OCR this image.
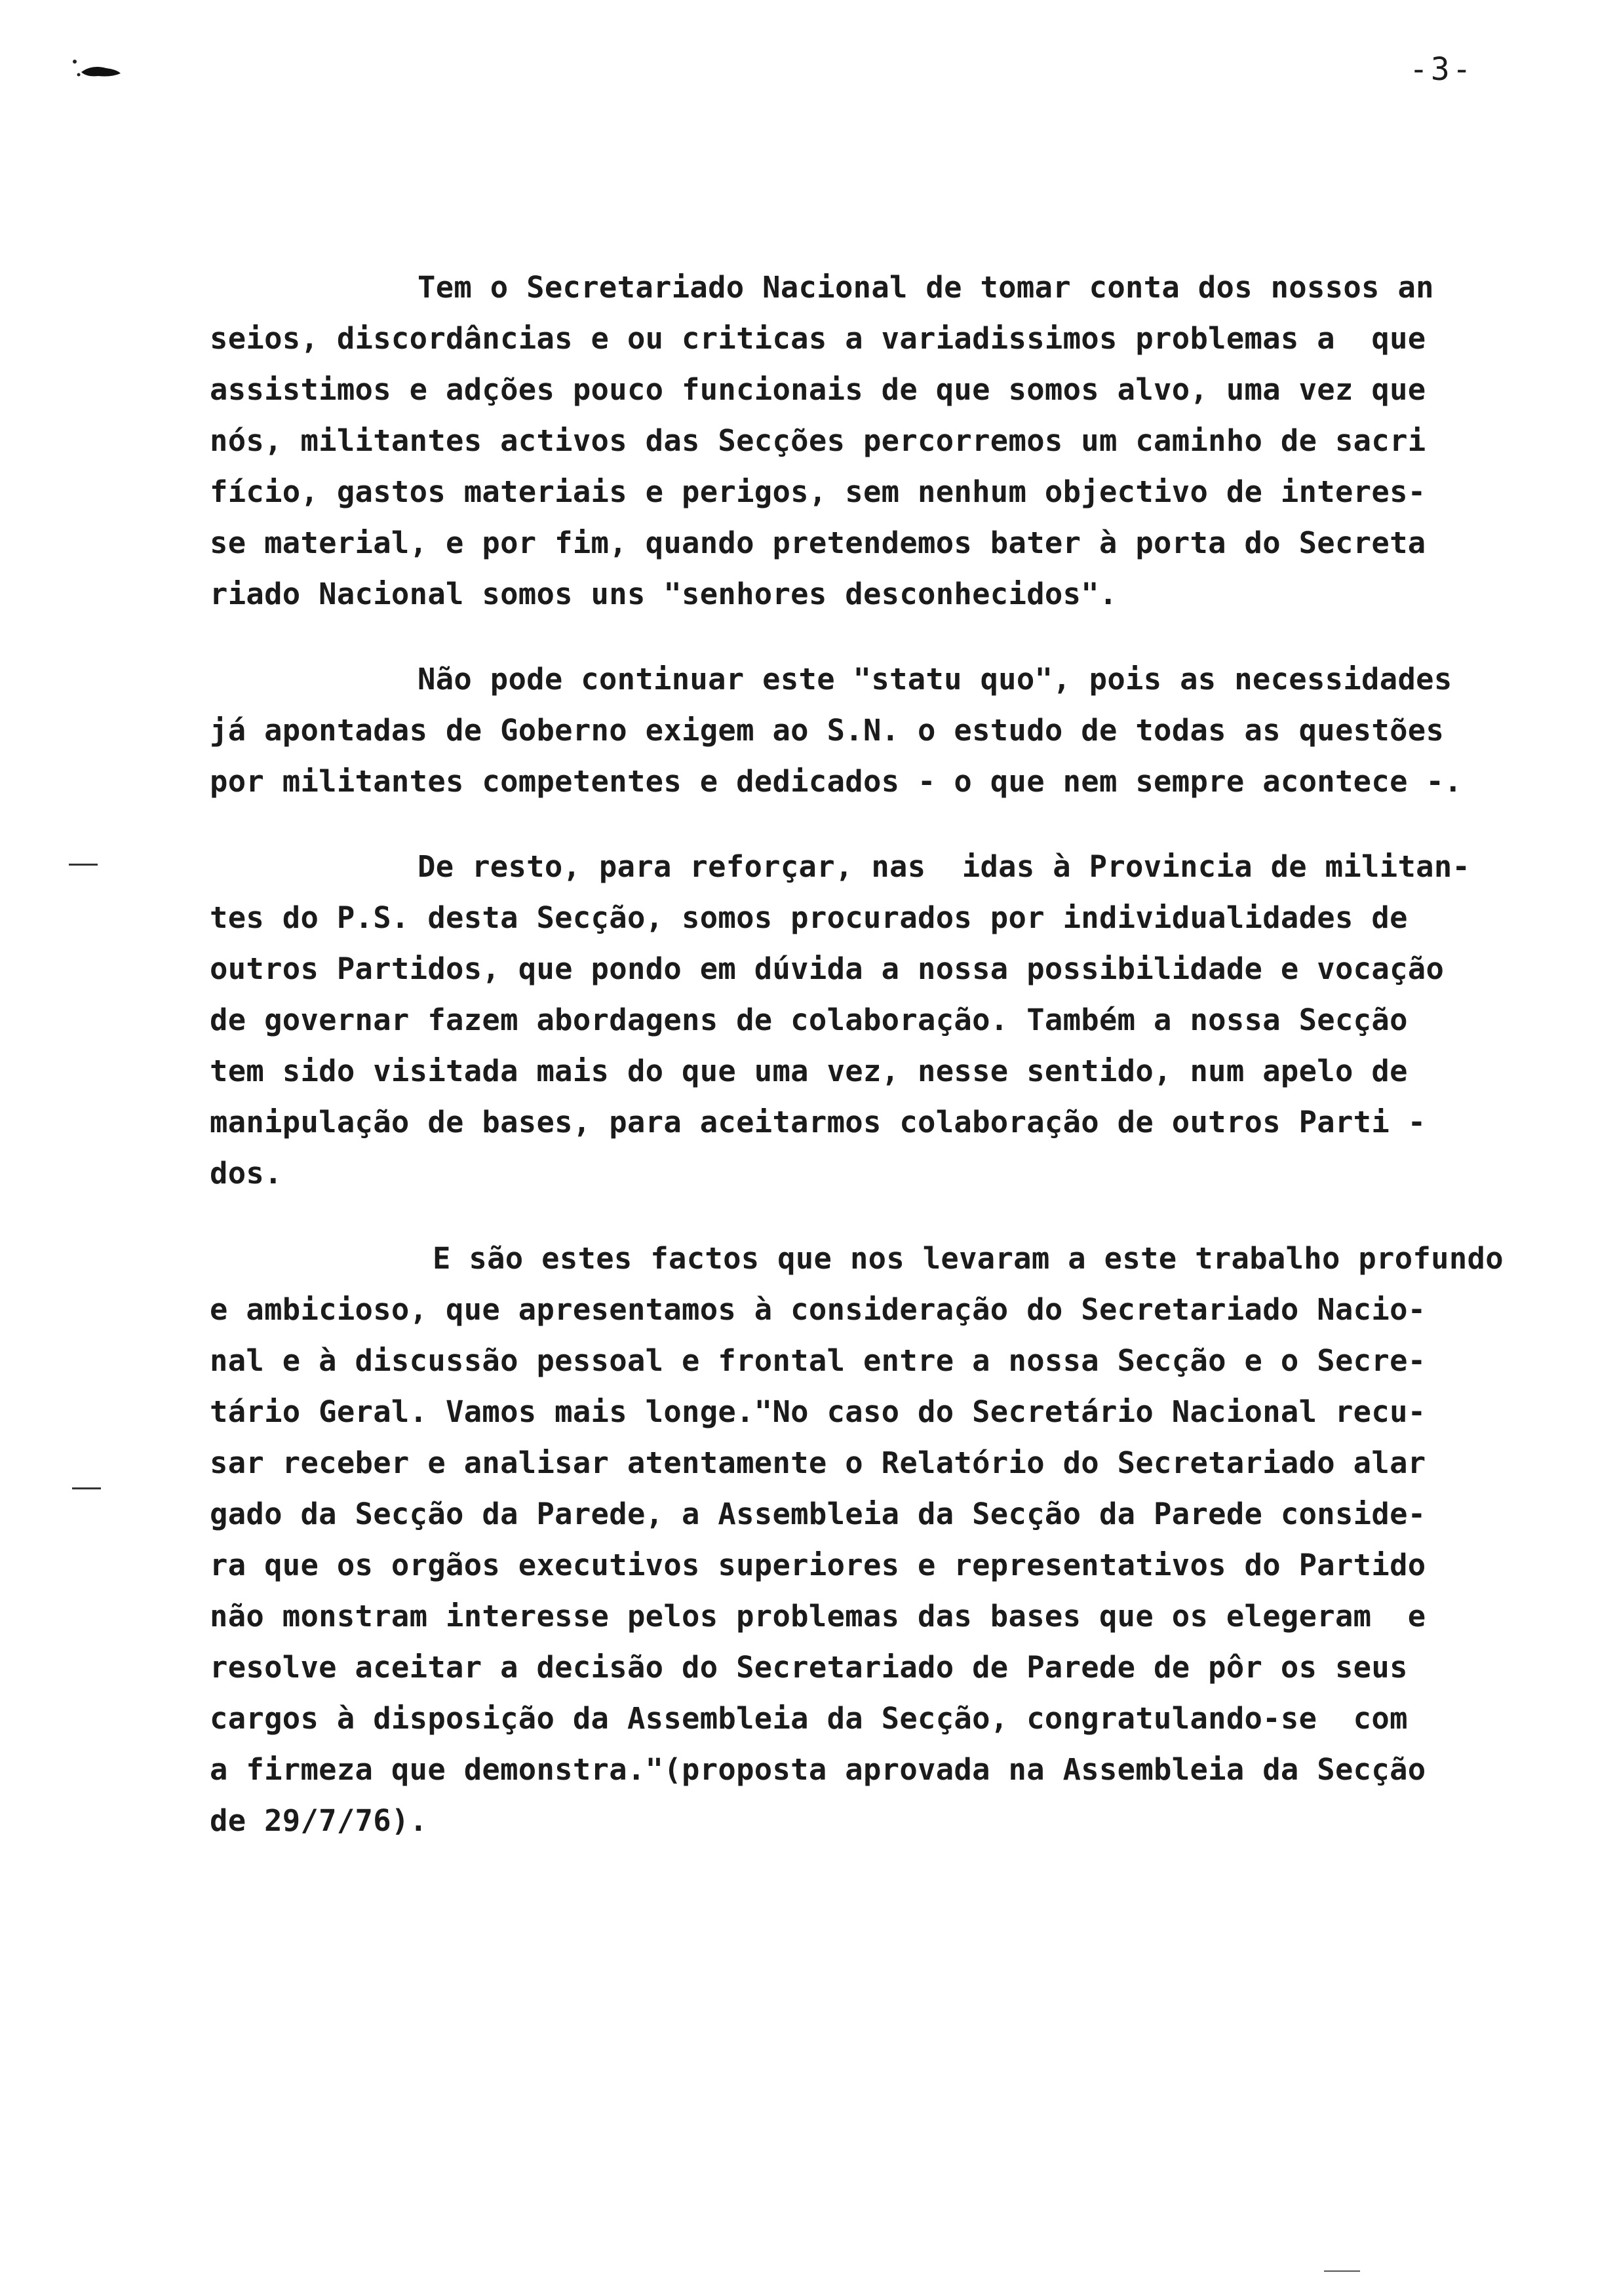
-3-
Tem o Secretariado Nacional de tomar conta dos nossos an
seios, discordâncias e ou criticas a variadissimos problemas a  que
assistimos e adções pouco funcionais de que somos alvo, uma vez que
nós, militantes activos das Secções percorremos um caminho de sacri
fício, gastos materiais e perigos, sem nenhum objectivo de interes-
se material, e por fim, quando pretendemos bater à porta do Secreta
riado Nacional somos uns "senhores desconhecidos".
Não pode continuar este "statu quo", pois as necessidades
já apontadas de Goberno exigem ao S.N. o estudo de todas as questões
por militantes competentes e dedicados - o que nem sempre acontece -.
De resto, para reforçar, nas  idas à Provincia de militan-
tes do P.S. desta Secção, somos procurados por individualidades de
outros Partidos, que pondo em dúvida a nossa possibilidade e vocação
de governar fazem abordagens de colaboração. Também a nossa Secção
tem sido visitada mais do que uma vez, nesse sentido, num apelo de
manipulação de bases, para aceitarmos colaboração de outros Parti -
dos.
E são estes factos que nos levaram a este trabalho profundo
e ambicioso, que apresentamos à consideração do Secretariado Nacio-
nal e à discussão pessoal e frontal entre a nossa Secção e o Secre-
tário Geral. Vamos mais longe."No caso do Secretário Nacional recu-
sar receber e analisar atentamente o Relatório do Secretariado alar
gado da Secção da Parede, a Assembleia da Secção da Parede conside-
ra que os orgãos executivos superiores e representativos do Partido
não monstram interesse pelos problemas das bases que os elegeram  e
resolve aceitar a decisão do Secretariado de Parede de pôr os seus
cargos à disposição da Assembleia da Secção, congratulando-se  com
a firmeza que demonstra."(proposta aprovada na Assembleia da Secção
de 29/7/76).
